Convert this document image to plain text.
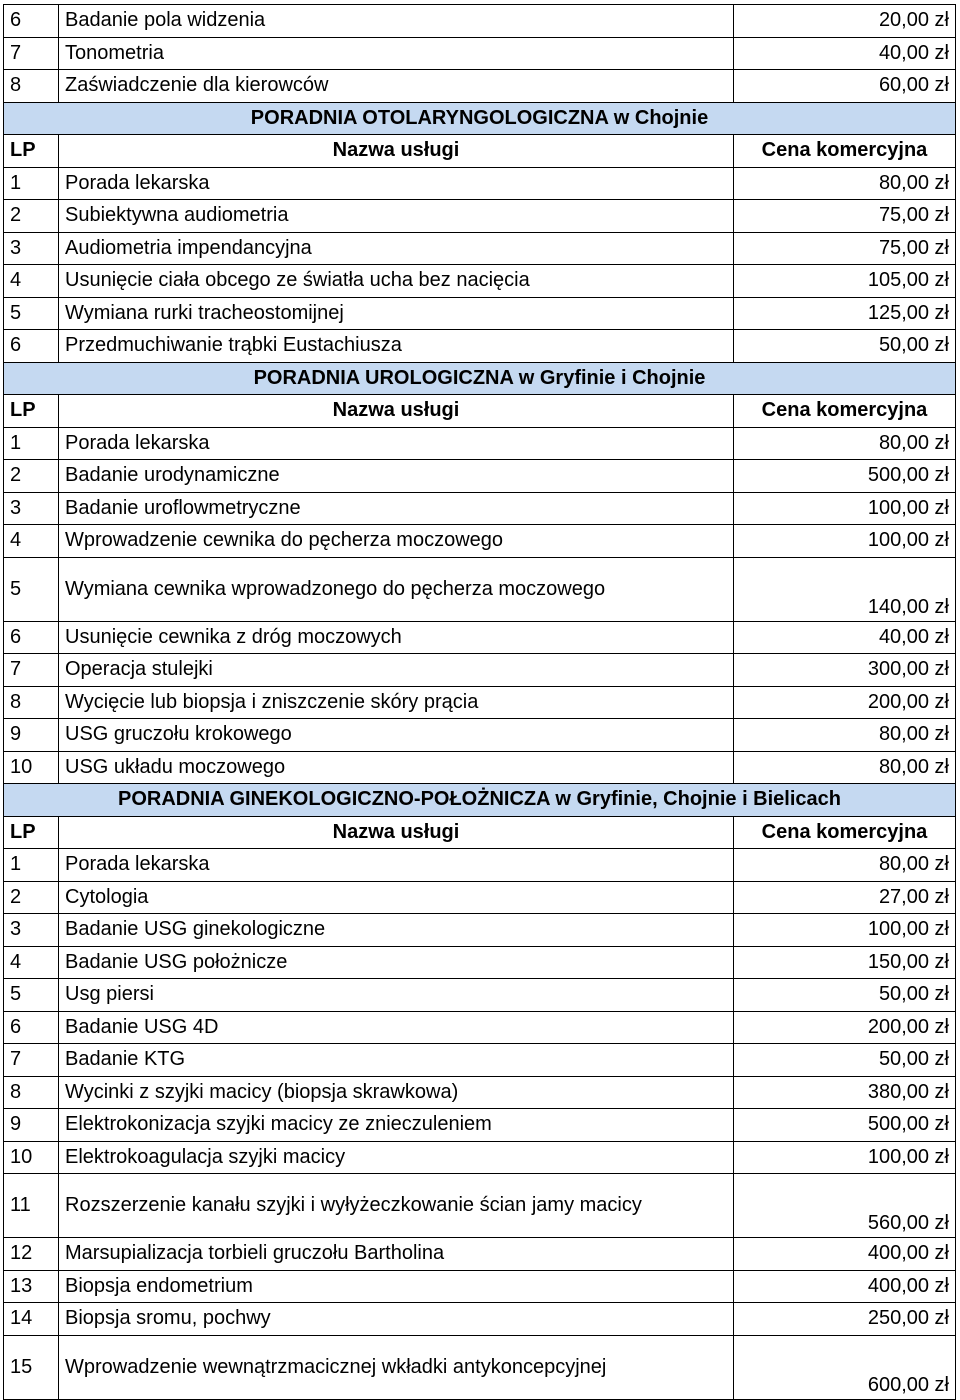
6	Badanie pola widzenia	20,00 zł
7	Tonometria	40,00 zł
8	Zaświadczenie dla kierowców	60,00 zł
PORADNIA OTOLARYNGOLOGICZNA w Chojnie		
LP	Nazwa usługi	Cena komercyjna
1	Porada lekarska	80,00 zł
2	Subiektywna audiometria	75,00 zł
3	Audiometria impendancyjna	75,00 zł
4	Usunięcie ciała obcego ze światła ucha bez nacięcia	105,00 zł
5	Wymiana rurki tracheostomijnej	125,00 zł
6	Przedmuchiwanie trąbki Eustachiusza	50,00 zł
PORADNIA UROLOGICZNA w Gryfinie i Chojnie		
LP	Nazwa usługi	Cena komercyjna
1	Porada lekarska	80,00 zł
2	Badanie urodynamiczne	500,00 zł
3	Badanie uroflowmetryczne	100,00 zł
4	Wprowadzenie cewnika do pęcherza moczowego	100,00 zł
5	Wymiana cewnika wprowadzonego do pęcherza moczowego	140,00 zł
6	Usunięcie cewnika z dróg moczowych	40,00 zł
7	Operacja stulejki	300,00 zł
8	Wycięcie lub biopsja i zniszczenie skóry prącia	200,00 zł
9	USG gruczołu krokowego	80,00 zł
10	USG układu moczowego	80,00 zł
PORADNIA GINEKOLOGICZNO-POŁOŻNICZA w Gryfinie, Chojnie i Bielicach		
LP	Nazwa usługi	Cena komercyjna
1	Porada lekarska	80,00 zł
2	Cytologia	27,00 zł
3	Badanie USG ginekologiczne	100,00 zł
4	Badanie USG położnicze	150,00 zł
5	Usg piersi	50,00 zł
6	Badanie USG 4D	200,00 zł
7	Badanie KTG	50,00 zł
8	Wycinki z szyjki macicy (biopsja skrawkowa)	380,00 zł
9	Elektrokonizacja szyjki macicy ze znieczuleniem	500,00 zł
10	Elektrokoagulacja szyjki macicy	100,00 zł
11	Rozszerzenie kanału szyjki i wyłyżeczkowanie ścian jamy macicy	560,00 zł
12	Marsupializacja torbieli gruczołu Bartholina	400,00 zł
13	Biopsja endometrium	400,00 zł
14	Biopsja sromu, pochwy	250,00 zł
15	Wprowadzenie wewnątrzmacicznej wkładki antykoncepcyjnej	600,00 zł
